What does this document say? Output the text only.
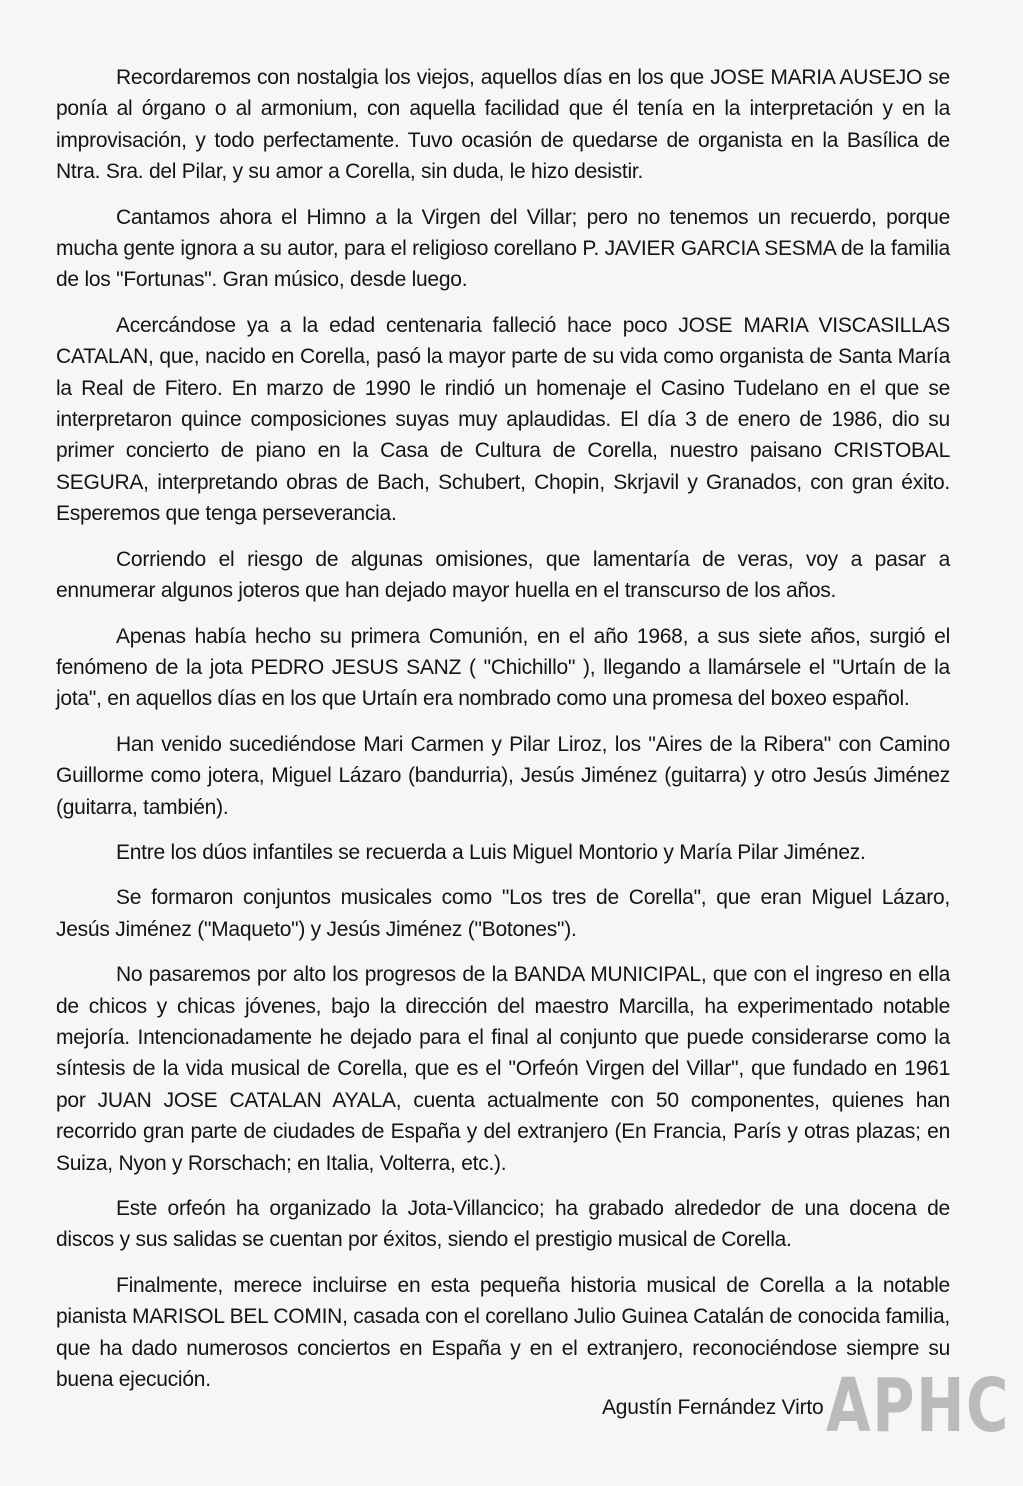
Recordaremos con nostalgia los viejos, aquellos días en los que JOSE MARIA AUSEJO se ponía al órgano o al armonium, con aquella facilidad que él tenía en la interpretación y en la improvisación, y todo perfectamente. Tuvo ocasión de quedarse de organista en la Basílica de Ntra. Sra. del Pilar, y su amor a Corella, sin duda, le hizo desistir.

Cantamos ahora el Himno a la Virgen del Villar; pero no tenemos un recuerdo, porque mucha gente ignora a su autor, para el religioso corellano P. JAVIER GARCIA SESMA de la familia de los "Fortunas". Gran músico, desde luego.

Acercándose ya a la edad centenaria falleció hace poco JOSE MARIA VISCASILLAS CATALAN, que, nacido en Corella, pasó la mayor parte de su vida como organista de Santa María la Real de Fitero. En marzo de 1990 le rindió un homenaje el Casino Tudelano en el que se interpretaron quince composiciones suyas muy aplaudidas. El día 3 de enero de 1986, dio su primer concierto de piano en la Casa de Cultura de Corella, nuestro paisano CRISTOBAL SEGURA, interpretando obras de Bach, Schubert, Chopin, Skrjavil y Granados, con gran éxito. Esperemos que tenga perseverancia.

Corriendo el riesgo de algunas omisiones, que lamentaría de veras, voy a pasar a ennumerar algunos joteros que han dejado mayor huella en el transcurso de los años.

Apenas había hecho su primera Comunión, en el año 1968, a sus siete años, surgió el fenómeno de la jota PEDRO JESUS SANZ ( "Chichillo" ), llegando a llamársele el "Urtaín de la jota", en aquellos días en los que Urtaín era nombrado como una promesa del boxeo español.

Han venido sucediéndose Mari Carmen y Pilar Liroz, los "Aires de la Ribera" con Camino Guillorme como jotera, Miguel Lázaro (bandurria), Jesús Jiménez (guitarra) y otro Jesús Jiménez (guitarra, también).

Entre los dúos infantiles se recuerda a Luis Miguel Montorio y María Pilar Jiménez.

Se formaron conjuntos musicales como "Los tres de Corella", que eran Miguel Lázaro, Jesús Jiménez ("Maqueto") y Jesús Jiménez ("Botones").

No pasaremos por alto los progresos de la BANDA MUNICIPAL, que con el ingreso en ella de chicos y chicas jóvenes, bajo la dirección del maestro Marcilla, ha experimentado notable mejoría. Intencionadamente he dejado para el final al conjunto que puede considerarse como la síntesis de la vida musical de Corella, que es el "Orfeón Virgen del Villar", que fundado en 1961 por JUAN JOSE CATALAN AYALA, cuenta actualmente con 50 componentes, quienes han recorrido gran parte de ciudades de España y del extranjero (En Francia, París y otras plazas; en Suiza, Nyon y Rorschach; en Italia, Volterra, etc.).

Este orfeón ha organizado la Jota-Villancico; ha grabado alrededor de una docena de discos y sus salidas se cuentan por éxitos, siendo el prestigio musical de Corella.

Finalmente, merece incluirse en esta pequeña historia musical de Corella a la notable pianista MARISOL BEL COMIN, casada con el corellano Julio Guinea Catalán de conocida familia, que ha dado numerosos conciertos en España y en el extranjero, reconociéndose siempre su buena ejecución.

Agustín Fernández Virto APHC
